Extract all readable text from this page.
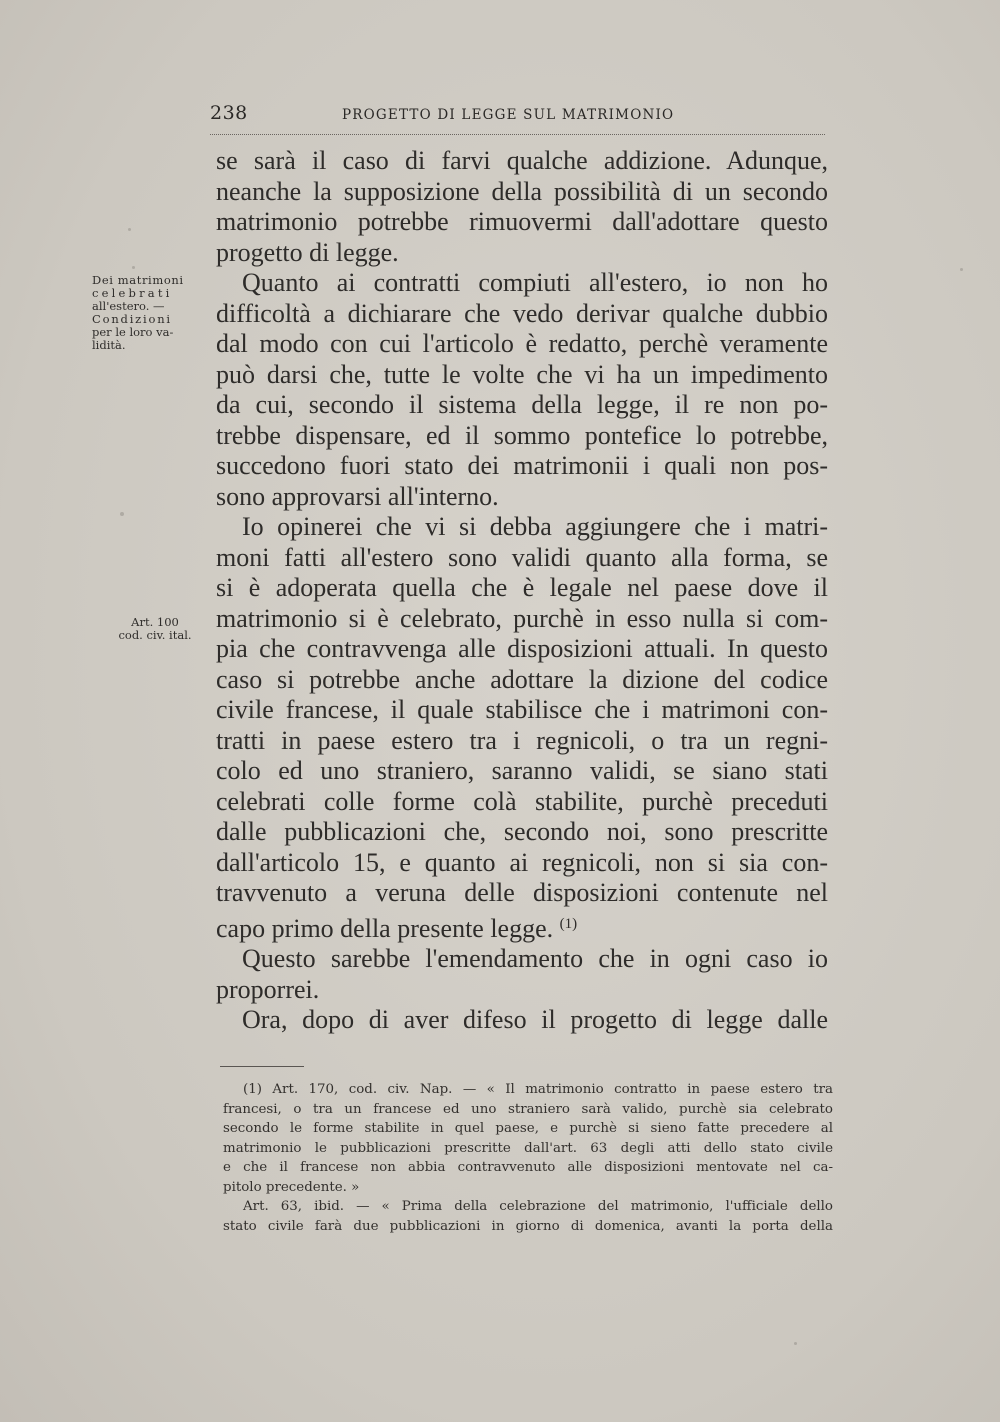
238	PROGETTO DI LEGGE SUL MATRIMONIO
Dei matrimoni
celebrati
all'estero. —
Condizioni
per le loro va-
lidità.
Art. 100
cod. civ. ital.
se sarà il caso di farvi qualche addizione. Adunque,
neanche la supposizione della possibilità di un secondo
matrimonio potrebbe rimuovermi dall'adottare questo
progetto di legge.
Quanto ai contratti compiuti all'estero, io non ho
difficoltà a dichiarare che vedo derivar qualche dubbio
dal modo con cui l'articolo è redatto, perchè veramente
può darsi che, tutte le volte che vi ha un impedimento
da cui, secondo il sistema della legge, il re non po-
trebbe dispensare, ed il sommo pontefice lo potrebbe,
succedono fuori stato dei matrimonii i quali non pos-
sono approvarsi all'interno.
Io opinerei che vi si debba aggiungere che i matri-
moni fatti all'estero sono validi quanto alla forma, se
si è adoperata quella che è legale nel paese dove il
matrimonio si è celebrato, purchè in esso nulla si com-
pia che contravvenga alle disposizioni attuali. In questo
caso si potrebbe anche adottare la dizione del codice
civile francese, il quale stabilisce che i matrimoni con-
tratti in paese estero tra i regnicoli, o tra un regni-
colo ed uno straniero, saranno validi, se siano stati
celebrati colle forme colà stabilite, purchè preceduti
dalle pubblicazioni che, secondo noi, sono prescritte
dall'articolo 15, e quanto ai regnicoli, non si sia con-
travvenuto a veruna delle disposizioni contenute nel
capo primo della presente legge. $^{(1)}$
Questo sarebbe l'emendamento che in ogni caso io
proporrei.
Ora, dopo di aver difeso il progetto di legge dalle
(1) Art. 170, cod. civ. Nap. — « Il matrimonio contratto in paese estero tra
francesi, o tra un francese ed uno straniero sarà valido, purchè sia celebrato
secondo le forme stabilite in quel paese, e purchè si sieno fatte precedere al
matrimonio le pubblicazioni prescritte dall'art. 63 degli atti dello stato civile
e che il francese non abbia contravvenuto alle disposizioni mentovate nel ca-
pitolo precedente. »
Art. 63, ibid. — « Prima della celebrazione del matrimonio, l'ufficiale dello
stato civile farà due pubblicazioni in giorno di domenica, avanti la porta della
